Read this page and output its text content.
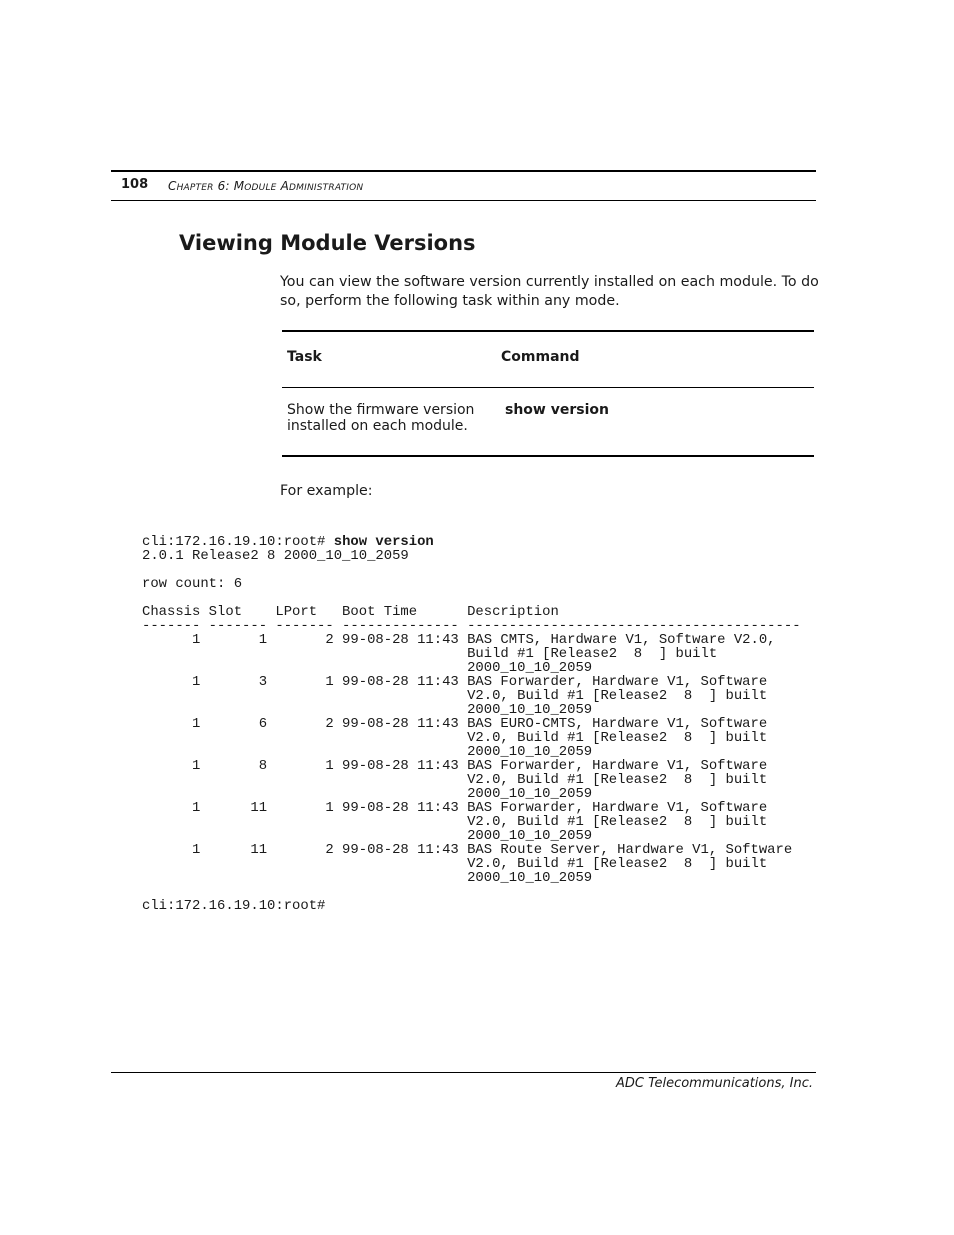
108 CHAPTER 6: MODULE ADMINISTRATION
Viewing Module Versions

You can view the software version currently installed on each module. To do so, perform the following task within any mode.

Task	Command
Show the firmware version installed on each module.
show version

For example:

cli:172.16.19.10:root# show version
2.0.1 Release2 8 2000_10_10_2059

row count: 6

Chassis Slot    LPort   Boot Time      Description
------- ------- ------- -------------- ----------------------------------------
1       1       2 99-08-28 11:43 BAS CMTS, Hardware V1, Software V2.0,
Build #1 [Release2  8  ] built
2000_10_10_2059
1       3       1 99-08-28 11:43 BAS Forwarder, Hardware V1, Software
V2.0, Build #1 [Release2  8  ] built
2000_10_10_2059
1       6       2 99-08-28 11:43 BAS EURO-CMTS, Hardware V1, Software
V2.0, Build #1 [Release2  8  ] built
2000_10_10_2059
1       8       1 99-08-28 11:43 BAS Forwarder, Hardware V1, Software
V2.0, Build #1 [Release2  8  ] built
2000_10_10_2059
1      11       1 99-08-28 11:43 BAS Forwarder, Hardware V1, Software
V2.0, Build #1 [Release2  8  ] built
2000_10_10_2059
1      11       2 99-08-28 11:43 BAS Route Server, Hardware V1, Software
V2.0, Build #1 [Release2  8  ] built
2000_10_10_2059

cli:172.16.19.10:root#
ADC Telecommunications, Inc.
